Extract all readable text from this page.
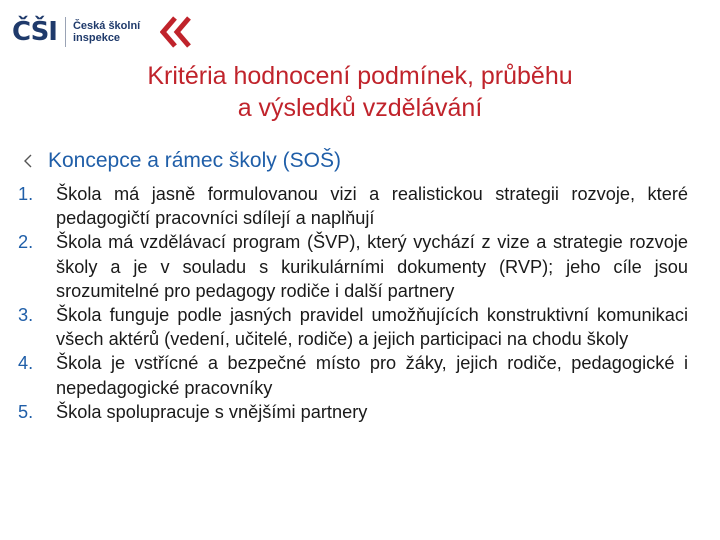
ČŠI	Česká školní
inspekce
Kritéria hodnocení podmínek, průběhu
a výsledků vzdělávání
Koncepce a rámec školy (SOŠ)
1.	Škola má jasně formulovanou vizi a realistickou strategii rozvoje, které pedagogičtí pracovníci sdílejí a naplňují
2.	Škola má vzdělávací program (ŠVP), který vychází z vize a strategie rozvoje školy a je v souladu s kurikulárními dokumenty (RVP); jeho cíle jsou srozumitelné pro pedagogy rodiče i další partnery
3.	Škola funguje podle jasných pravidel umožňujících konstruktivní komunikaci všech aktérů (vedení, učitelé, rodiče) a jejich participaci na chodu školy
4.	Škola je vstřícné a bezpečné místo pro žáky, jejich rodiče, pedagogické i nepedagogické pracovníky
5.	Škola spolupracuje s vnějšími partnery
